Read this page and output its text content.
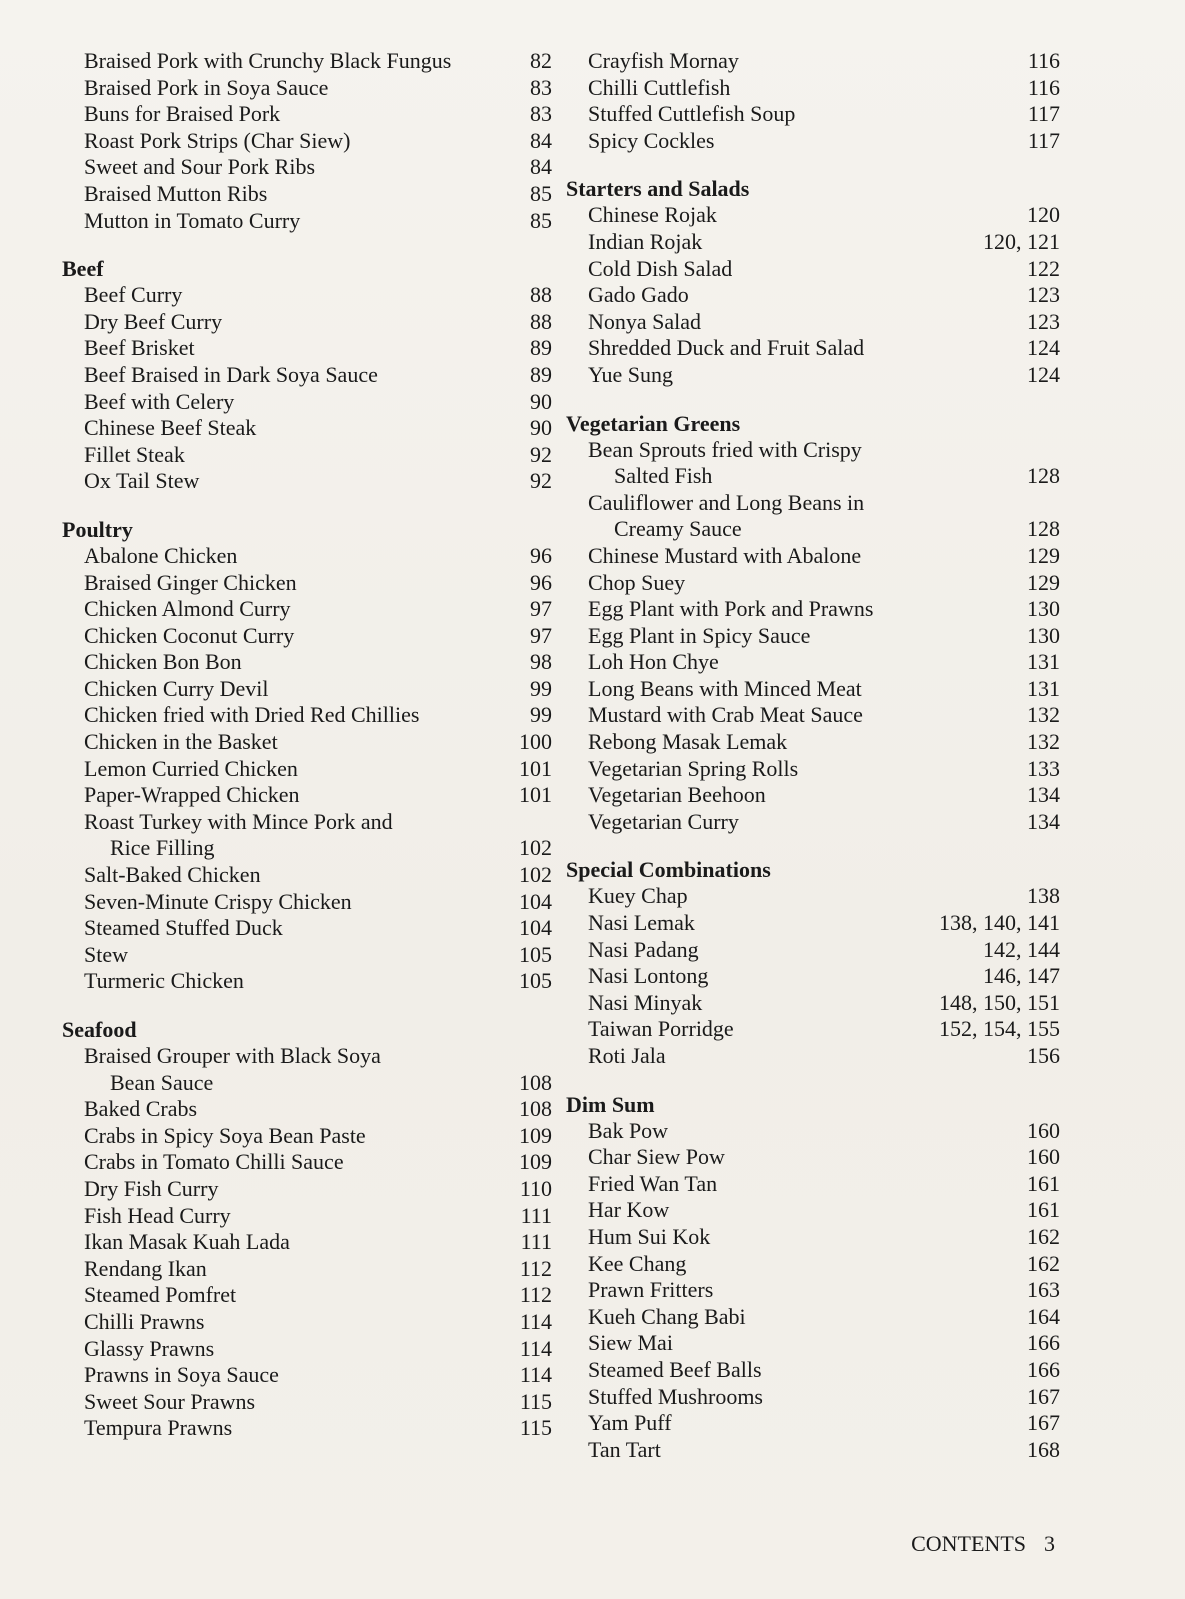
Braised Pork with Crunchy Black Fungus	82
Braised Pork in Soya Sauce	83
Buns for Braised Pork	83
Roast Pork Strips (Char Siew)	84
Sweet and Sour Pork Ribs	84
Braised Mutton Ribs	85
Mutton in Tomato Curry	85
Beef
Beef Curry	88
Dry Beef Curry	88
Beef Brisket	89
Beef Braised in Dark Soya Sauce	89
Beef with Celery	90
Chinese Beef Steak	90
Fillet Steak	92
Ox Tail Stew	92
Poultry
Abalone Chicken	96
Braised Ginger Chicken	96
Chicken Almond Curry	97
Chicken Coconut Curry	97
Chicken Bon Bon	98
Chicken Curry Devil	99
Chicken fried with Dried Red Chillies	99
Chicken in the Basket	100
Lemon Curried Chicken	101
Paper-Wrapped Chicken	101
Roast Turkey with Mince Pork and
Rice Filling	102
Salt-Baked Chicken	102
Seven-Minute Crispy Chicken	104
Steamed Stuffed Duck	104
Stew	105
Turmeric Chicken	105
Seafood
Braised Grouper with Black Soya
Bean Sauce	108
Baked Crabs	108
Crabs in Spicy Soya Bean Paste	109
Crabs in Tomato Chilli Sauce	109
Dry Fish Curry	110
Fish Head Curry	111
Ikan Masak Kuah Lada	111
Rendang Ikan	112
Steamed Pomfret	112
Chilli Prawns	114
Glassy Prawns	114
Prawns in Soya Sauce	114
Sweet Sour Prawns	115
Tempura Prawns	115
Crayfish Mornay	116
Chilli Cuttlefish	116
Stuffed Cuttlefish Soup	117
Spicy Cockles	117
Starters and Salads
Chinese Rojak	120
Indian Rojak	120, 121
Cold Dish Salad	122
Gado Gado	123
Nonya Salad	123
Shredded Duck and Fruit Salad	124
Yue Sung	124
Vegetarian Greens
Bean Sprouts fried with Crispy
Salted Fish	128
Cauliflower and Long Beans in
Creamy Sauce	128
Chinese Mustard with Abalone	129
Chop Suey	129
Egg Plant with Pork and Prawns	130
Egg Plant in Spicy Sauce	130
Loh Hon Chye	131
Long Beans with Minced Meat	131
Mustard with Crab Meat Sauce	132
Rebong Masak Lemak	132
Vegetarian Spring Rolls	133
Vegetarian Beehoon	134
Vegetarian Curry	134
Special Combinations
Kuey Chap	138
Nasi Lemak	138, 140, 141
Nasi Padang	142, 144
Nasi Lontong	146, 147
Nasi Minyak	148, 150, 151
Taiwan Porridge	152, 154, 155
Roti Jala	156
Dim Sum
Bak Pow	160
Char Siew Pow	160
Fried Wan Tan	161
Har Kow	161
Hum Sui Kok	162
Kee Chang	162
Prawn Fritters	163
Kueh Chang Babi	164
Siew Mai	166
Steamed Beef Balls	166
Stuffed Mushrooms	167
Yam Puff	167
Tan Tart	168
CONTENTS 3
